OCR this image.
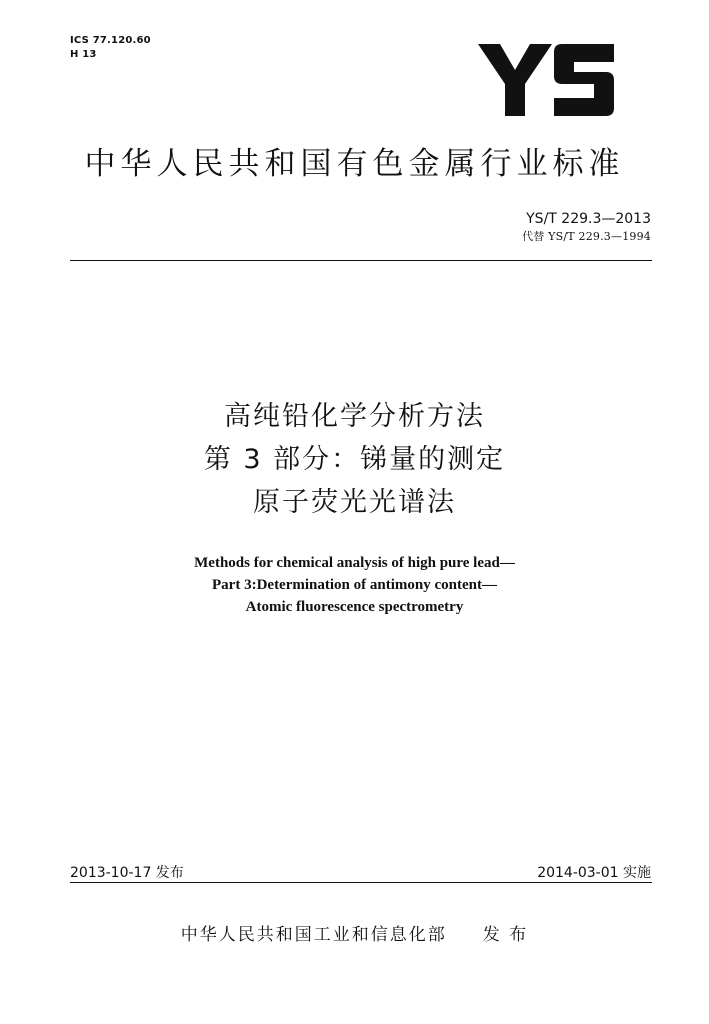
ICS 77.120.60
H 13
中华人民共和国有色金属行业标准
YS/T 229.3—2013
代替 YS/T 229.3—1994
高纯铅化学分析方法
第 3 部分：锑量的测定
原子荧光光谱法
Methods for chemical analysis of high pure lead—
Part 3:Determination of antimony content—
Atomic fluorescence spectrometry
2013-10-17 发布	2014-03-01 实施
中华人民共和国工业和信息化部 发 布
